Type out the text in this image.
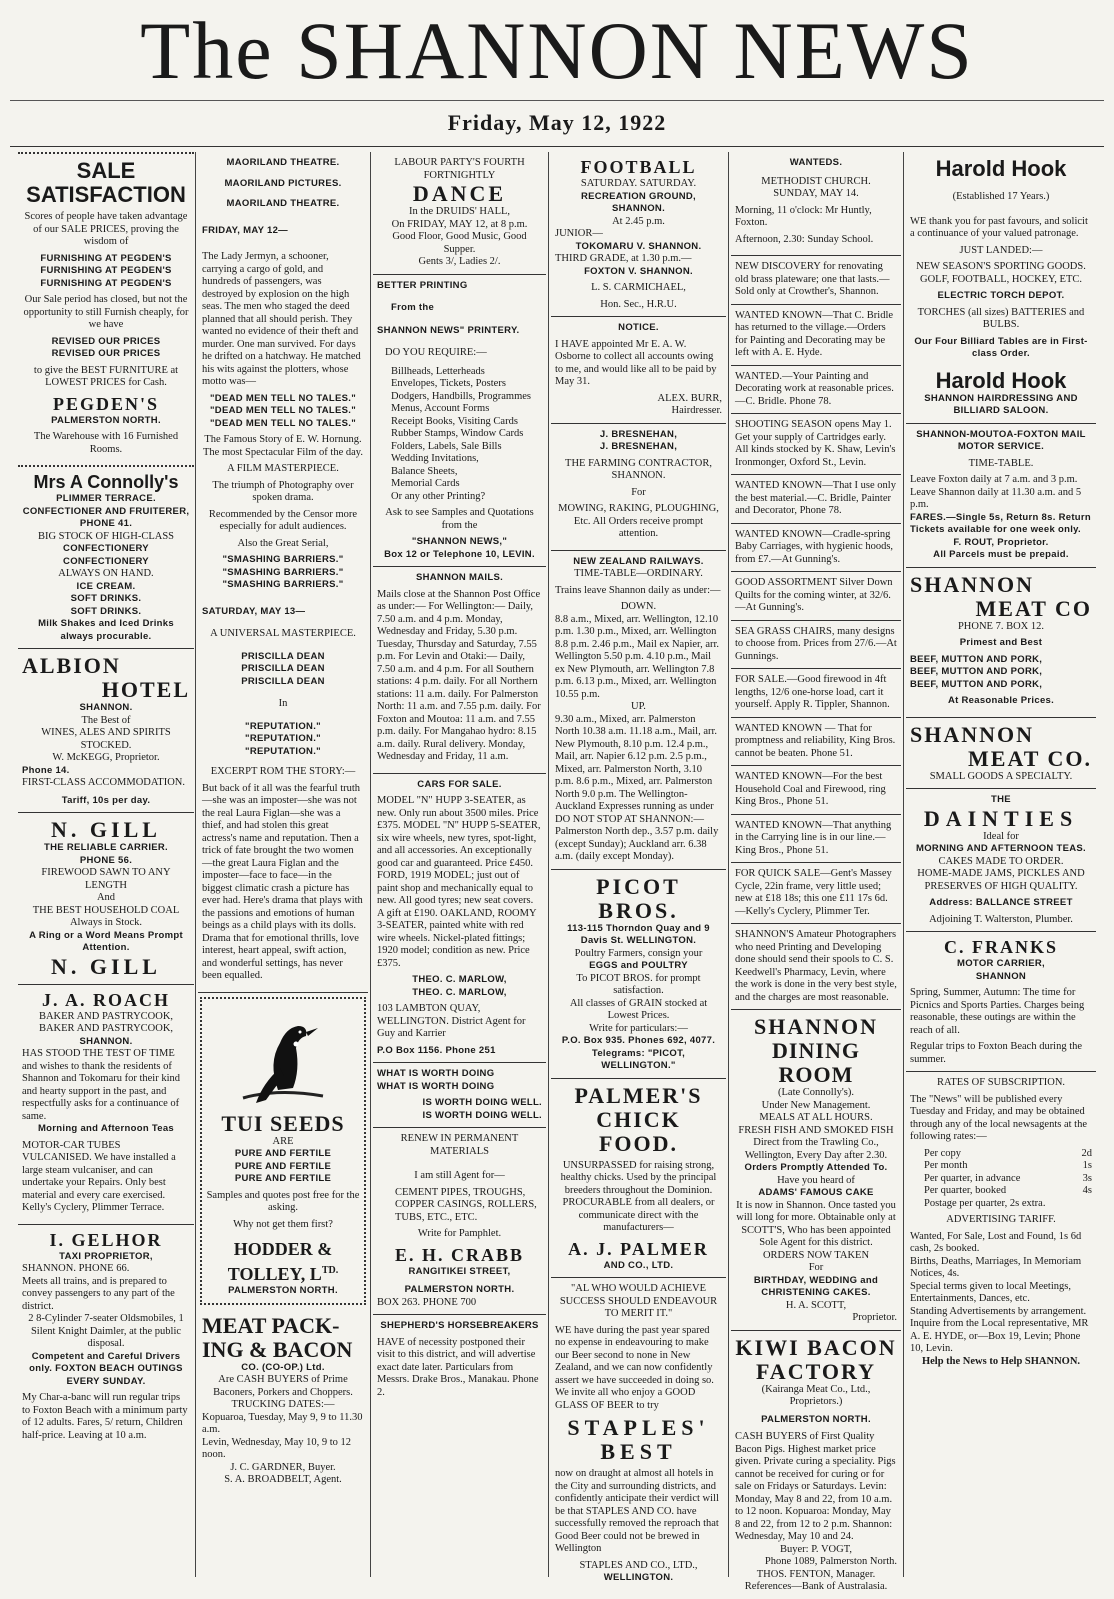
The SHANNON NEWS
Friday, May 12, 1922
SALE
SATISFACTION
Scores of people have taken advantage of our SALE PRICES, proving the wisdom of
FURNISHING AT PEGDEN'S
FURNISHING AT PEGDEN'S
FURNISHING AT PEGDEN'S
Our Sale period has closed, but not the opportunity to still Furnish cheaply, for we have
REVISED OUR PRICES
REVISED OUR PRICES
to give the BEST FURNITURE at LOWEST PRICES for Cash.
PEGDEN'S
PALMERSTON NORTH.
The Warehouse with 16 Furnished Rooms.
Mrs A Connolly's
PLIMMER TERRACE.
CONFECTIONER AND FRUITERER,
PHONE 41.
BIG STOCK OF HIGH-CLASS
CONFECTIONERY
CONFECTIONERY
ALWAYS ON HAND.
ICE CREAM.
SOFT DRINKS.
SOFT DRINKS.
Milk Shakes and Iced Drinks always procurable.
ALBION
HOTEL
SHANNON.
The Best of
WINES, ALES AND SPIRITS STOCKED.
W. McKEGG, Proprietor.
Phone 14.
FIRST-CLASS ACCOMMODATION.
Tariff, 10s per day.
N. GILL
THE RELIABLE CARRIER.
PHONE 56.
FIREWOOD SAWN TO ANY LENGTH
And
THE BEST HOUSEHOLD COAL
Always in Stock.
A Ring or a Word Means Prompt Attention.
N. GILL
J. A. ROACH
BAKER AND PASTRYCOOK,
BAKER AND PASTRYCOOK,
SHANNON.
HAS STOOD THE TEST OF TIME and wishes to thank the residents of Shannon and Tokomaru for their kind and hearty support in the past, and respectfully asks for a continuance of same.
Morning and Afternoon Teas
MOTOR-CAR TUBES VULCANISED. We have installed a large steam vulcaniser, and can undertake your Repairs. Only best material and every care exercised. Kelly's Cyclery, Plimmer Terrace.
I. GELHOR
TAXI PROPRIETOR,
SHANNON. PHONE 66.
Meets all trains, and is prepared to convey passengers to any part of the district.
2 8-Cylinder 7-seater Oldsmobiles, 1 Silent Knight Daimler, at the public disposal.
Competent and Careful Drivers only. FOXTON BEACH OUTINGS EVERY SUNDAY.
My Char-a-banc will run regular trips to Foxton Beach with a minimum party of 12 adults. Fares, 5/ return, Children half-price. Leaving at 10 a.m.
MAORILAND THEATRE.
MAORILAND PICTURES.
MAORILAND THEATRE.
FRIDAY, MAY 12—
The Lady Jermyn, a schooner, carrying a cargo of gold, and hundreds of passengers, was destroyed by explosion on the high seas. The men who staged the deed planned that all should perish. They wanted no evidence of their theft and murder. One man survived. For days he drifted on a hatchway. He matched his wits against the plotters, whose motto was—
"DEAD MEN TELL NO TALES."
"DEAD MEN TELL NO TALES."
"DEAD MEN TELL NO TALES."
The Famous Story of E. W. Hornung. The most Spectacular Film of the day.
A FILM MASTERPIECE.
The triumph of Photography over spoken drama.
Recommended by the Censor more especially for adult audiences.
Also the Great Serial,
"SMASHING BARRIERS."
"SMASHING BARRIERS."
"SMASHING BARRIERS."
SATURDAY, MAY 13—
A UNIVERSAL MASTERPIECE.
PRISCILLA DEAN
PRISCILLA DEAN
PRISCILLA DEAN
In
"REPUTATION."
"REPUTATION."
"REPUTATION."
EXCERPT ROM THE STORY:—
But back of it all was the fearful truth—she was an imposter—she was not the real Laura Figlan—she was a thief, and had stolen this great actress's name and reputation. Then a trick of fate brought the two women—the great Laura Figlan and the imposter—face to face—in the biggest climatic crash a picture has ever had. Here's drama that plays with the passions and emotions of human beings as a child plays with its dolls. Drama that for emotional thrills, love interest, heart appeal, swift action, and wonderful settings, has never been equalled.
TUI SEEDS
ARE
PURE AND FERTILE
PURE AND FERTILE
PURE AND FERTILE
Samples and quotes post free for the asking.
Why not get them first?
HODDER &
TOLLEY, $L^{TD.}$
PALMERSTON NORTH.
MEAT PACK-
ING & BACON
CO. (CO-OP.) Ltd.
Are CASH BUYERS of Prime Baconers, Porkers and Choppers.
TRUCKING DATES:—
Kopuaroa, Tuesday, May 9, 9 to 11.30 a.m.
Levin, Wednesday, May 10, 9 to 12 noon.
J. C. GARDNER, Buyer.
S. A. BROADBELT, Agent.
LABOUR PARTY'S FOURTH FORTNIGHTLY
DANCE
In the DRUIDS' HALL,
On FRIDAY, MAY 12, at 8 p.m.
Good Floor, Good Music, Good Supper.
Gents 3/, Ladies 2/.
BETTER PRINTING
From the
SHANNON NEWS" PRINTERY.
DO YOU REQUIRE:—
Billheads, Letterheads
Envelopes, Tickets, Posters
Dodgers, Handbills, Programmes
Menus, Account Forms
Receipt Books, Visiting Cards
Rubber Stamps, Window Cards
Folders, Labels, Sale Bills
Wedding Invitations,
Balance Sheets,
Memorial Cards
Or any other Printing?
Ask to see Samples and Quotations from the
"SHANNON NEWS,"
Box 12 or Telephone 10, LEVIN.
SHANNON MAILS.
Mails close at the Shannon Post Office as under:— For Wellington:— Daily, 7.50 a.m. and 4 p.m. Monday, Wednesday and Friday, 5.30 p.m. Tuesday, Thursday and Saturday, 7.55 p.m. For Levin and Otaki:— Daily, 7.50 a.m. and 4 p.m. For all Southern stations: 4 p.m. daily. For all Northern stations: 11 a.m. daily. For Palmerston North: 11 a.m. and 7.55 p.m. daily. For Foxton and Moutoa: 11 a.m. and 7.55 p.m. daily. For Mangahao hydro: 8.15 a.m. daily. Rural delivery. Monday, Wednesday and Friday, 11 a.m.
CARS FOR SALE.
MODEL "N" HUPP 3-SEATER, as new. Only run about 3500 miles. Price £375. MODEL "N" HUPP 5-SEATER, six wire wheels, new tyres, spot-light, and all accessories. An exceptionally good car and guaranteed. Price £450. FORD, 1919 MODEL; just out of paint shop and mechanically equal to new. All good tyres; new seat covers. A gift at £190. OAKLAND, ROOMY 3-SEATER, painted white with red wire wheels. Nickel-plated fittings; 1920 model; condition as new. Price £375.
THEO. C. MARLOW,
THEO. C. MARLOW,
103 LAMBTON QUAY, WELLINGTON. District Agent for Guy and Karrier
P.O Box 1156. Phone 251
WHAT IS WORTH DOING
WHAT IS WORTH DOING
IS WORTH DOING WELL.
IS WORTH DOING WELL.
RENEW IN PERMANENT MATERIALS
I am still Agent for—
CEMENT PIPES, TROUGHS, COPPER CASINGS, ROLLERS, TUBS, ETC., ETC.
Write for Pamphlet.
E. H. CRABB
RANGITIKEI STREET,
PALMERSTON NORTH.
BOX 263. PHONE 700
SHEPHERD'S HORSEBREAKERS
HAVE of necessity postponed their visit to this district, and will advertise exact date later. Particulars from Messrs. Drake Bros., Manakau. Phone 2.
FOOTBALL
SATURDAY. SATURDAY.
RECREATION GROUND, SHANNON.
At 2.45 p.m.
JUNIOR—
TOKOMARU V. SHANNON.
THIRD GRADE, at 1.30 p.m.—
FOXTON V. SHANNON.
L. S. CARMICHAEL,
Hon. Sec., H.R.U.
NOTICE.
I HAVE appointed Mr E. A. W. Osborne to collect all accounts owing to me, and would like all to be paid by May 31.
ALEX. BURR,
Hairdresser.
J. BRESNEHAN,
J. BRESNEHAN,
THE FARMING CONTRACTOR, SHANNON.
For
MOWING, RAKING, PLOUGHING, Etc. All Orders receive prompt attention.
NEW ZEALAND RAILWAYS.
TIME-TABLE—ORDINARY.
Trains leave Shannon daily as under:—
DOWN.
8.8 a.m., Mixed, arr. Wellington, 12.10 p.m. 1.30 p.m., Mixed, arr. Wellington 8.8 p.m. 2.46 p.m., Mail ex Napier, arr. Wellington 5.50 p.m. 4.10 p.m., Mail ex New Plymouth, arr. Wellington 7.8 p.m. 6.13 p.m., Mixed, arr. Wellington 10.55 p.m.
UP.
9.30 a.m., Mixed, arr. Palmerston North 10.38 a.m. 11.18 a.m., Mail, arr. New Plymouth, 8.10 p.m. 12.4 p.m., Mail, arr. Napier 6.12 p.m. 2.5 p.m., Mixed, arr. Palmerston North, 3.10 p.m. 8.6 p.m., Mixed, arr. Palmerston North 9.0 p.m. The Wellington-Auckland Expresses running as under DO NOT STOP AT SHANNON:— Palmerston North dep., 3.57 p.m. daily (except Sunday); Auckland arr. 6.38 a.m. (daily except Monday).
PICOT BROS.
113-115 Thorndon Quay and 9 Davis St. WELLINGTON.
Poultry Farmers, consign your
EGGS and POULTRY
To PICOT BROS. for prompt satisfaction.
All classes of GRAIN stocked at Lowest Prices.
Write for particulars:—
P.O. Box 935. Phones 692, 4077.
Telegrams: "PICOT, WELLINGTON."
PALMER'S
CHICK FOOD.
UNSURPASSED for raising strong, healthy chicks. Used by the principal breeders throughout the Dominion. PROCURABLE from all dealers, or communicate direct with the manufacturers—
A. J. PALMER
AND CO., LTD.
"AL WHO WOULD ACHIEVE SUCCESS SHOULD ENDEAVOUR TO MERIT IT."
WE have during the past year spared no expense in endeavouring to make our Beer second to none in New Zealand, and we can now confidently assert we have succeeded in doing so. We invite all who enjoy a GOOD GLASS OF BEER to try
STAPLES'
BEST
now on draught at almost all hotels in the City and surrounding districts, and confidently anticipate their verdict will be that STAPLES AND CO. have successfully removed the reproach that Good Beer could not be brewed in Wellington
STAPLES AND CO., LTD.,
WELLINGTON.
WANTEDS.
METHODIST CHURCH.
SUNDAY, MAY 14.
Morning, 11 o'clock: Mr Huntly, Foxton.
Afternoon, 2.30: Sunday School.
NEW DISCOVERY for renovating old brass plateware; one that lasts.—Sold only at Crowther's, Shannon.
WANTED KNOWN—That C. Bridle has returned to the village.—Orders for Painting and Decorating may be left with A. E. Hyde.
WANTED.—Your Painting and Decorating work at reasonable prices.—C. Bridle. Phone 78.
SHOOTING SEASON opens May 1. Get your supply of Cartridges early. All kinds stocked by K. Shaw, Levin's Ironmonger, Oxford St., Levin.
WANTED KNOWN—That I use only the best material.—C. Bridle, Painter and Decorator, Phone 78.
WANTED KNOWN—Cradle-spring Baby Carriages, with hygienic hoods, from £7.—At Gunning's.
GOOD ASSORTMENT Silver Down Quilts for the coming winter, at 32/6.—At Gunning's.
SEA GRASS CHAIRS, many designs to choose from. Prices from 27/6.—At Gunnings.
FOR SALE.—Good firewood in 4ft lengths, 12/6 one-horse load, cart it yourself. Apply R. Tippler, Shannon.
WANTED KNOWN — That for promptness and reliability, King Bros. cannot be beaten. Phone 51.
WANTED KNOWN—For the best Household Coal and Firewood, ring King Bros., Phone 51.
WANTED KNOWN—That anything in the Carrying line is in our line.—King Bros., Phone 51.
FOR QUICK SALE—Gent's Massey Cycle, 22in frame, very little used; new at £18 18s; this one £11 17s 6d.—Kelly's Cyclery, Plimmer Ter.
SHANNON'S Amateur Photographers who need Printing and Developing done should send their spools to C. S. Keedwell's Pharmacy, Levin, where the work is done in the very best style, and the charges are most reasonable.
SHANNON
DINING ROOM
(Late Connolly's).
Under New Management.
MEALS AT ALL HOURS.
FRESH FISH AND SMOKED FISH Direct from the Trawling Co., Wellington, Every Day after 2.30.
Orders Promptly Attended To.
Have you heard of
ADAMS' FAMOUS CAKE
It is now in Shannon. Once tasted you will long for more. Obtainable only at SCOTT'S, Who has been appointed Sole Agent for this district.
ORDERS NOW TAKEN
For
BIRTHDAY, WEDDING and CHRISTENING CAKES.
H. A. SCOTT,
Proprietor.
KIWI BACON
FACTORY
(Kairanga Meat Co., Ltd., Proprietors.)
PALMERSTON NORTH.
CASH BUYERS of First Quality Bacon Pigs. Highest market price given. Private curing a speciality. Pigs cannot be received for curing or for sale on Fridays or Saturdays. Levin: Monday, May 8 and 22, from 10 a.m. to 12 noon. Kopuaroa: Monday, May 8 and 22, from 12 to 2 p.m. Shannon: Wednesday, May 10 and 24.
Buyer: P. VOGT,
Phone 1089, Palmerston North.
THOS. FENTON, Manager.
References—Bank of Australasia.
Harold Hook
(Established 17 Years.)
WE thank you for past favours, and solicit a continuance of your valued patronage.
JUST LANDED:—
NEW SEASON'S SPORTING GOODS. GOLF, FOOTBALL, HOCKEY, ETC.
ELECTRIC TORCH DEPOT.
TORCHES (all sizes) BATTERIES and BULBS.
Our Four Billiard Tables are in First-class Order.
Harold Hook
SHANNON HAIRDRESSING AND BILLIARD SALOON.
SHANNON-MOUTOA-FOXTON MAIL MOTOR SERVICE.
TIME-TABLE.
Leave Foxton daily at 7 a.m. and 3 p.m.
Leave Shannon daily at 11.30 a.m. and 5 p.m.
FARES.—Single 5s, Return 8s. Return Tickets available for one week only.
F. ROUT, Proprietor.
All Parcels must be prepaid.
SHANNON
MEAT CO
PHONE 7. BOX 12.
Primest and Best
BEEF, MUTTON AND PORK,
BEEF, MUTTON AND PORK,
BEEF, MUTTON AND PORK,
At Reasonable Prices.
SHANNON
MEAT CO.
SMALL GOODS A SPECIALTY.
THE
DAINTIES
Ideal for
MORNING AND AFTERNOON TEAS.
CAKES MADE TO ORDER.
HOME-MADE JAMS, PICKLES AND PRESERVES OF HIGH QUALITY.
Address: BALLANCE STREET
Adjoining T. Walterston, Plumber.
C. FRANKS
MOTOR CARRIER,
SHANNON
Spring, Summer, Autumn: The time for Picnics and Sports Parties. Charges being reasonable, these outings are within the reach of all.
Regular trips to Foxton Beach during the summer.
RATES OF SUBSCRIPTION.
The "News" will be published every Tuesday and Friday, and may be obtained through any of the local newsagents at the following rates:—
Per copy	2d
Per month	1s
Per quarter, in advance	3s
Per quarter, booked	4s
Postage per quarter, 2s extra.
ADVERTISING TARIFF.
Wanted, For Sale, Lost and Found, 1s 6d cash, 2s booked.
Births, Deaths, Marriages, In Memoriam Notices, 4s.
Special terms given to local Meetings, Entertainments, Dances, etc.
Standing Advertisements by arrangement.
Inquire from the Local representative, MR A. E. HYDE, or—Box 19, Levin; Phone 10, Levin.
Help the News to Help SHANNON.
